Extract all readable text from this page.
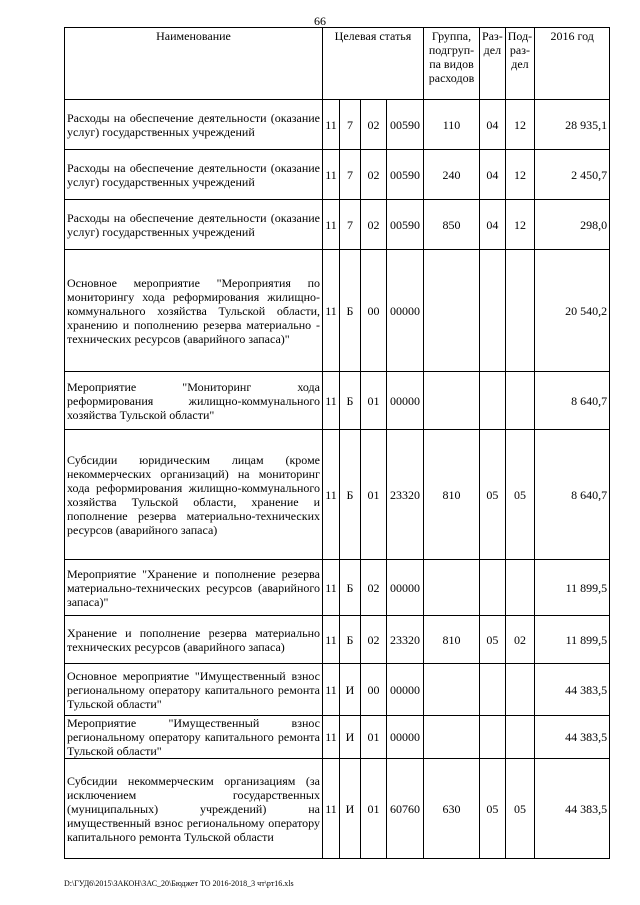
66
Наименование	Целевая статья				Группа,
подгруп-
па видов
расходов	Раз-
дел	Под-
раз-
дел	2016 год
Расходы на обеспечение деятельности (оказание услуг) государственных учреждений	11	7	02	00590	110	04	12	28 935,1
Расходы на обеспечение деятельности (оказание услуг) государственных учреждений	11	7	02	00590	240	04	12	2 450,7
Расходы на обеспечение деятельности (оказание услуг) государственных учреждений	11	7	02	00590	850	04	12	298,0
Основное мероприятие "Мероприятия по мониторингу хода реформирования жилищно-коммунального хозяйства Тульской области, хранению и пополнению резерва материально - технических ресурсов (аварийного запаса)"	11	Б	00	00000				20 540,2
Мероприятие "Мониторинг хода реформирования жилищно-коммунального хозяйства Тульской области"	11	Б	01	00000				8 640,7
Субсидии юридическим лицам (кроме некоммерческих организаций) на мониторинг хода реформирования жилищно-коммунального хозяйства Тульской области, хранение и пополнение резерва материально-технических ресурсов (аварийного запаса)	11	Б	01	23320	810	05	05	8 640,7
Мероприятие "Хранение и пополнение резерва материально-технических ресурсов (аварийного запаса)"	11	Б	02	00000				11 899,5
Хранение и пополнение резерва материально технических ресурсов (аварийного запаса)	11	Б	02	23320	810	05	02	11 899,5
Основное мероприятие "Имущественный взнос региональному оператору капитального ремонта Тульской области"	11	И	00	00000				44 383,5
Мероприятие "Имущественный взнос региональному оператору капитального ремонта Тульской области"	11	И	01	00000				44 383,5
Субсидии некоммерческим организациям (за исключением государственных (муниципальных) учреждений) на имущественный взнос региональному оператору капитального ремонта Тульской области	11	И	01	60760	630	05	05	44 383,5
D:\ГУД6\2015\ЗАКОН\ЗАС_20\Бюджет ТО 2016-2018_3 чт\рт16.xls
